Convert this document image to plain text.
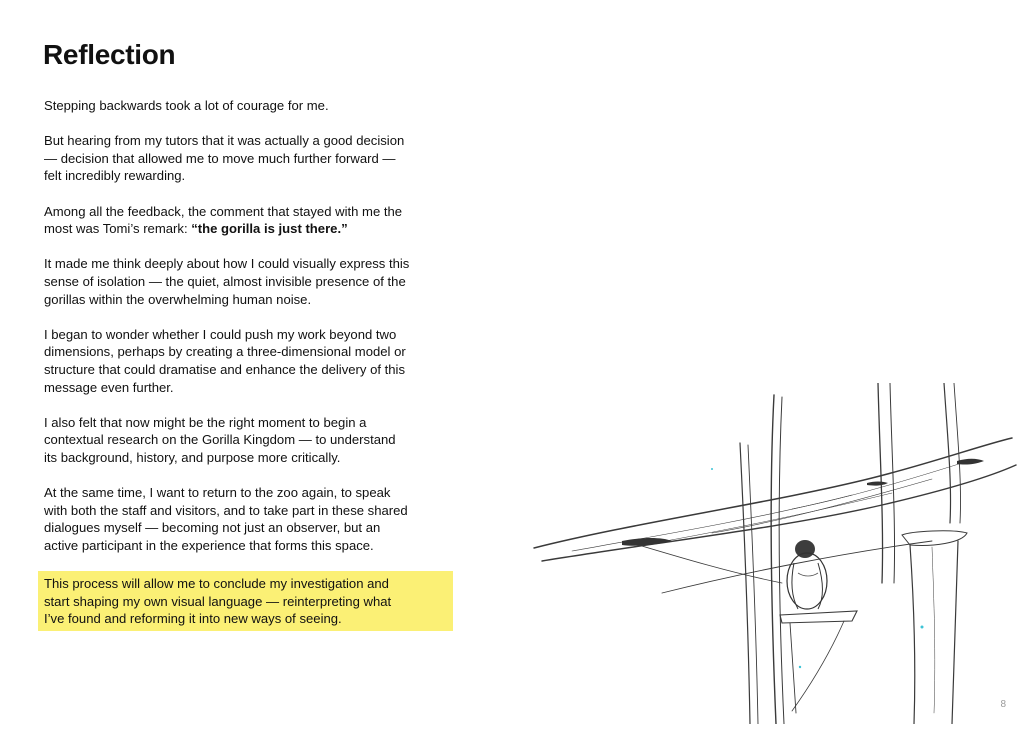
Reflection

Stepping backwards took a lot of courage for me.

But hearing from my tutors that it was actually a good decision
— decision that allowed me to move much further forward —
felt incredibly rewarding.

Among all the feedback, the comment that stayed with me the
most was Tomi’s remark: “the gorilla is just there.”

It made me think deeply about how I could visually express this
sense of isolation — the quiet, almost invisible presence of the
gorillas within the overwhelming human noise.

I began to wonder whether I could push my work beyond two
dimensions, perhaps by creating a three-dimensional model or
structure that could dramatise and enhance the delivery of this
message even further.

I also felt that now might be the right moment to begin a
contextual research on the Gorilla Kingdom — to understand
its background, history, and purpose more critically.

At the same time, I want to return to the zoo again, to speak
with both the staff and visitors, and to take part in these shared
dialogues myself — becoming not just an observer, but an
active participant in the experience that forms this space.

This process will allow me to conclude my investigation and
start shaping my own visual language — reinterpreting what
I’ve found and reforming it into new ways of seeing.
8
